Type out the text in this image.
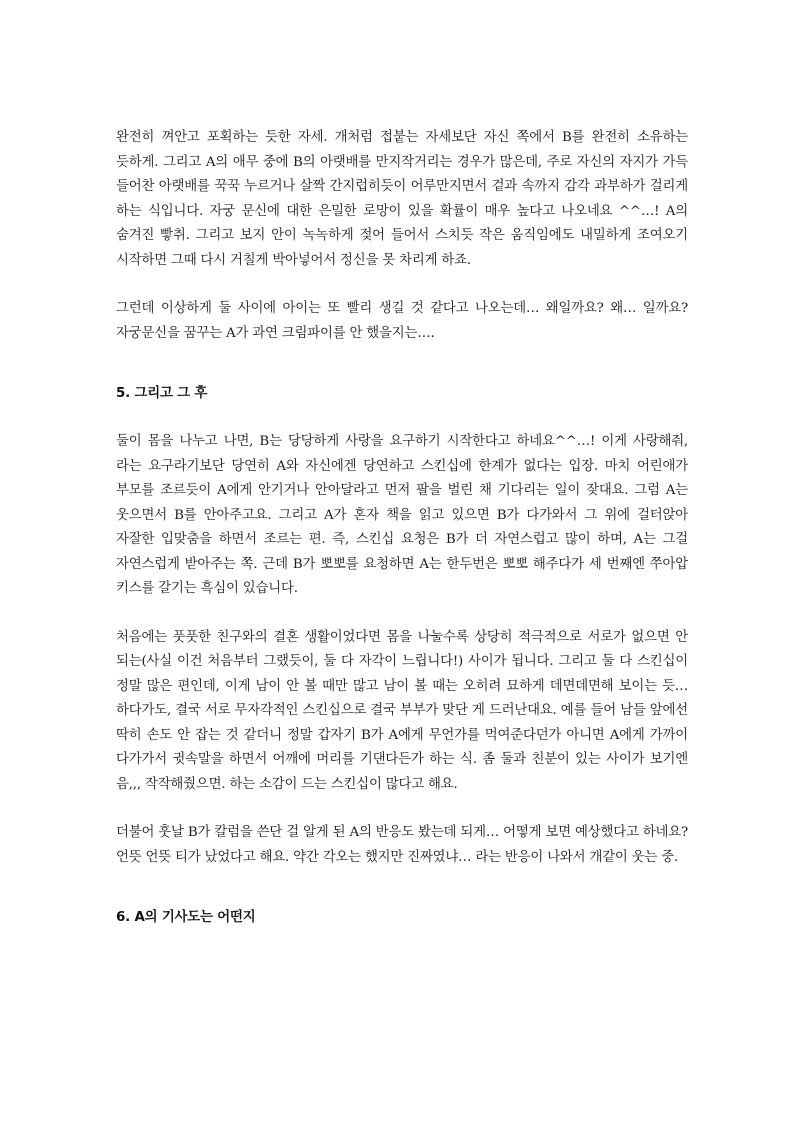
완전히 껴안고 포획하는 듯한 자세. 개처럼 접붙는 자세보단 자신 쪽에서 B를 완전히 소유하는 듯하게. 그리고 A의 애무 중에 B의 아랫배를 만지작거리는 경우가 많은데, 주로 자신의 자지가 가득 들어찬 아랫배를 꾹꾹 누르거나 살짝 간지럽히듯이 어루만지면서 겉과 속까지 감각 과부하가 걸리게 하는 식입니다. 자궁 문신에 대한 은밀한 로망이 있을 확률이 매우 높다고 나오네요 ^^…! A의 숨겨진 빻취. 그리고 보지 안이 녹녹하게 젖어 들어서 스치듯 작은 움직임에도 내밀하게 조여오기 시작하면 그때 다시 거칠게 박아넣어서 정신을 못 차리게 하죠.

그런데 이상하게 둘 사이에 아이는 또 빨리 생길 것 같다고 나오는데… 왜일까요? 왜… 일까요? 자궁문신을 꿈꾸는 A가 과연 크림파이를 안 했을지는….

5. 그리고 그 후

둘이 몸을 나누고 나면, B는 당당하게 사랑을 요구하기 시작한다고 하네요^^…! 이게 사랑해줘, 라는 요구라기보단 당연히 A와 자신에겐 당연하고 스킨십에 한계가 없다는 입장. 마치 어린애가 부모를 조르듯이 A에게 안기거나 안아달라고 먼저 팔을 벌린 채 기다리는 일이 잦대요. 그럼 A는 웃으면서 B를 안아주고요. 그리고 A가 혼자 책을 읽고 있으면 B가 다가와서 그 위에 걸터앉아 자잘한 입맞춤을 하면서 조르는 편. 즉, 스킨십 요청은 B가 더 자연스럽고 많이 하며, A는 그걸 자연스럽게 받아주는 쪽. 근데 B가 뽀뽀를 요청하면 A는 한두번은 뽀뽀 해주다가 세 번째엔 쭈아압 키스를 갈기는 흑심이 있습니다.

처음에는 풋풋한 친구와의 결혼 생활이었다면 몸을 나눌수록 상당히 적극적으로 서로가 없으면 안 되는(사실 이건 처음부터 그랬듯이, 둘 다 자각이 느립니다!) 사이가 됩니다. 그리고 둘 다 스킨십이 정말 많은 편인데, 이게 남이 안 볼 때만 많고 남이 볼 때는 오히려 묘하게 데면데면해 보이는 듯… 하다가도, 결국 서로 무자각적인 스킨십으로 결국 부부가 맞단 게 드러난대요. 예를 들어 남들 앞에선 딱히 손도 안 잡는 것 같더니 정말 갑자기 B가 A에게 무언가를 먹여준다던가 아니면 A에게 가까이 다가가서 귓속말을 하면서 어깨에 머리를 기댄다든가 하는 식. 좀 둘과 친분이 있는 사이가 보기엔 음,,, 작작해줬으면. 하는 소감이 드는 스킨십이 많다고 해요.

더불어 훗날 B가 칼럼을 쓴단 걸 알게 된 A의 반응도 봤는데 되게… 어떻게 보면 예상했다고 하네요? 언뜻 언뜻 티가 났었다고 해요. 약간 각오는 했지만 진짜였냐… 라는 반응이 나와서 개같이 웃는 중.

6. A의 기사도는 어떤지
